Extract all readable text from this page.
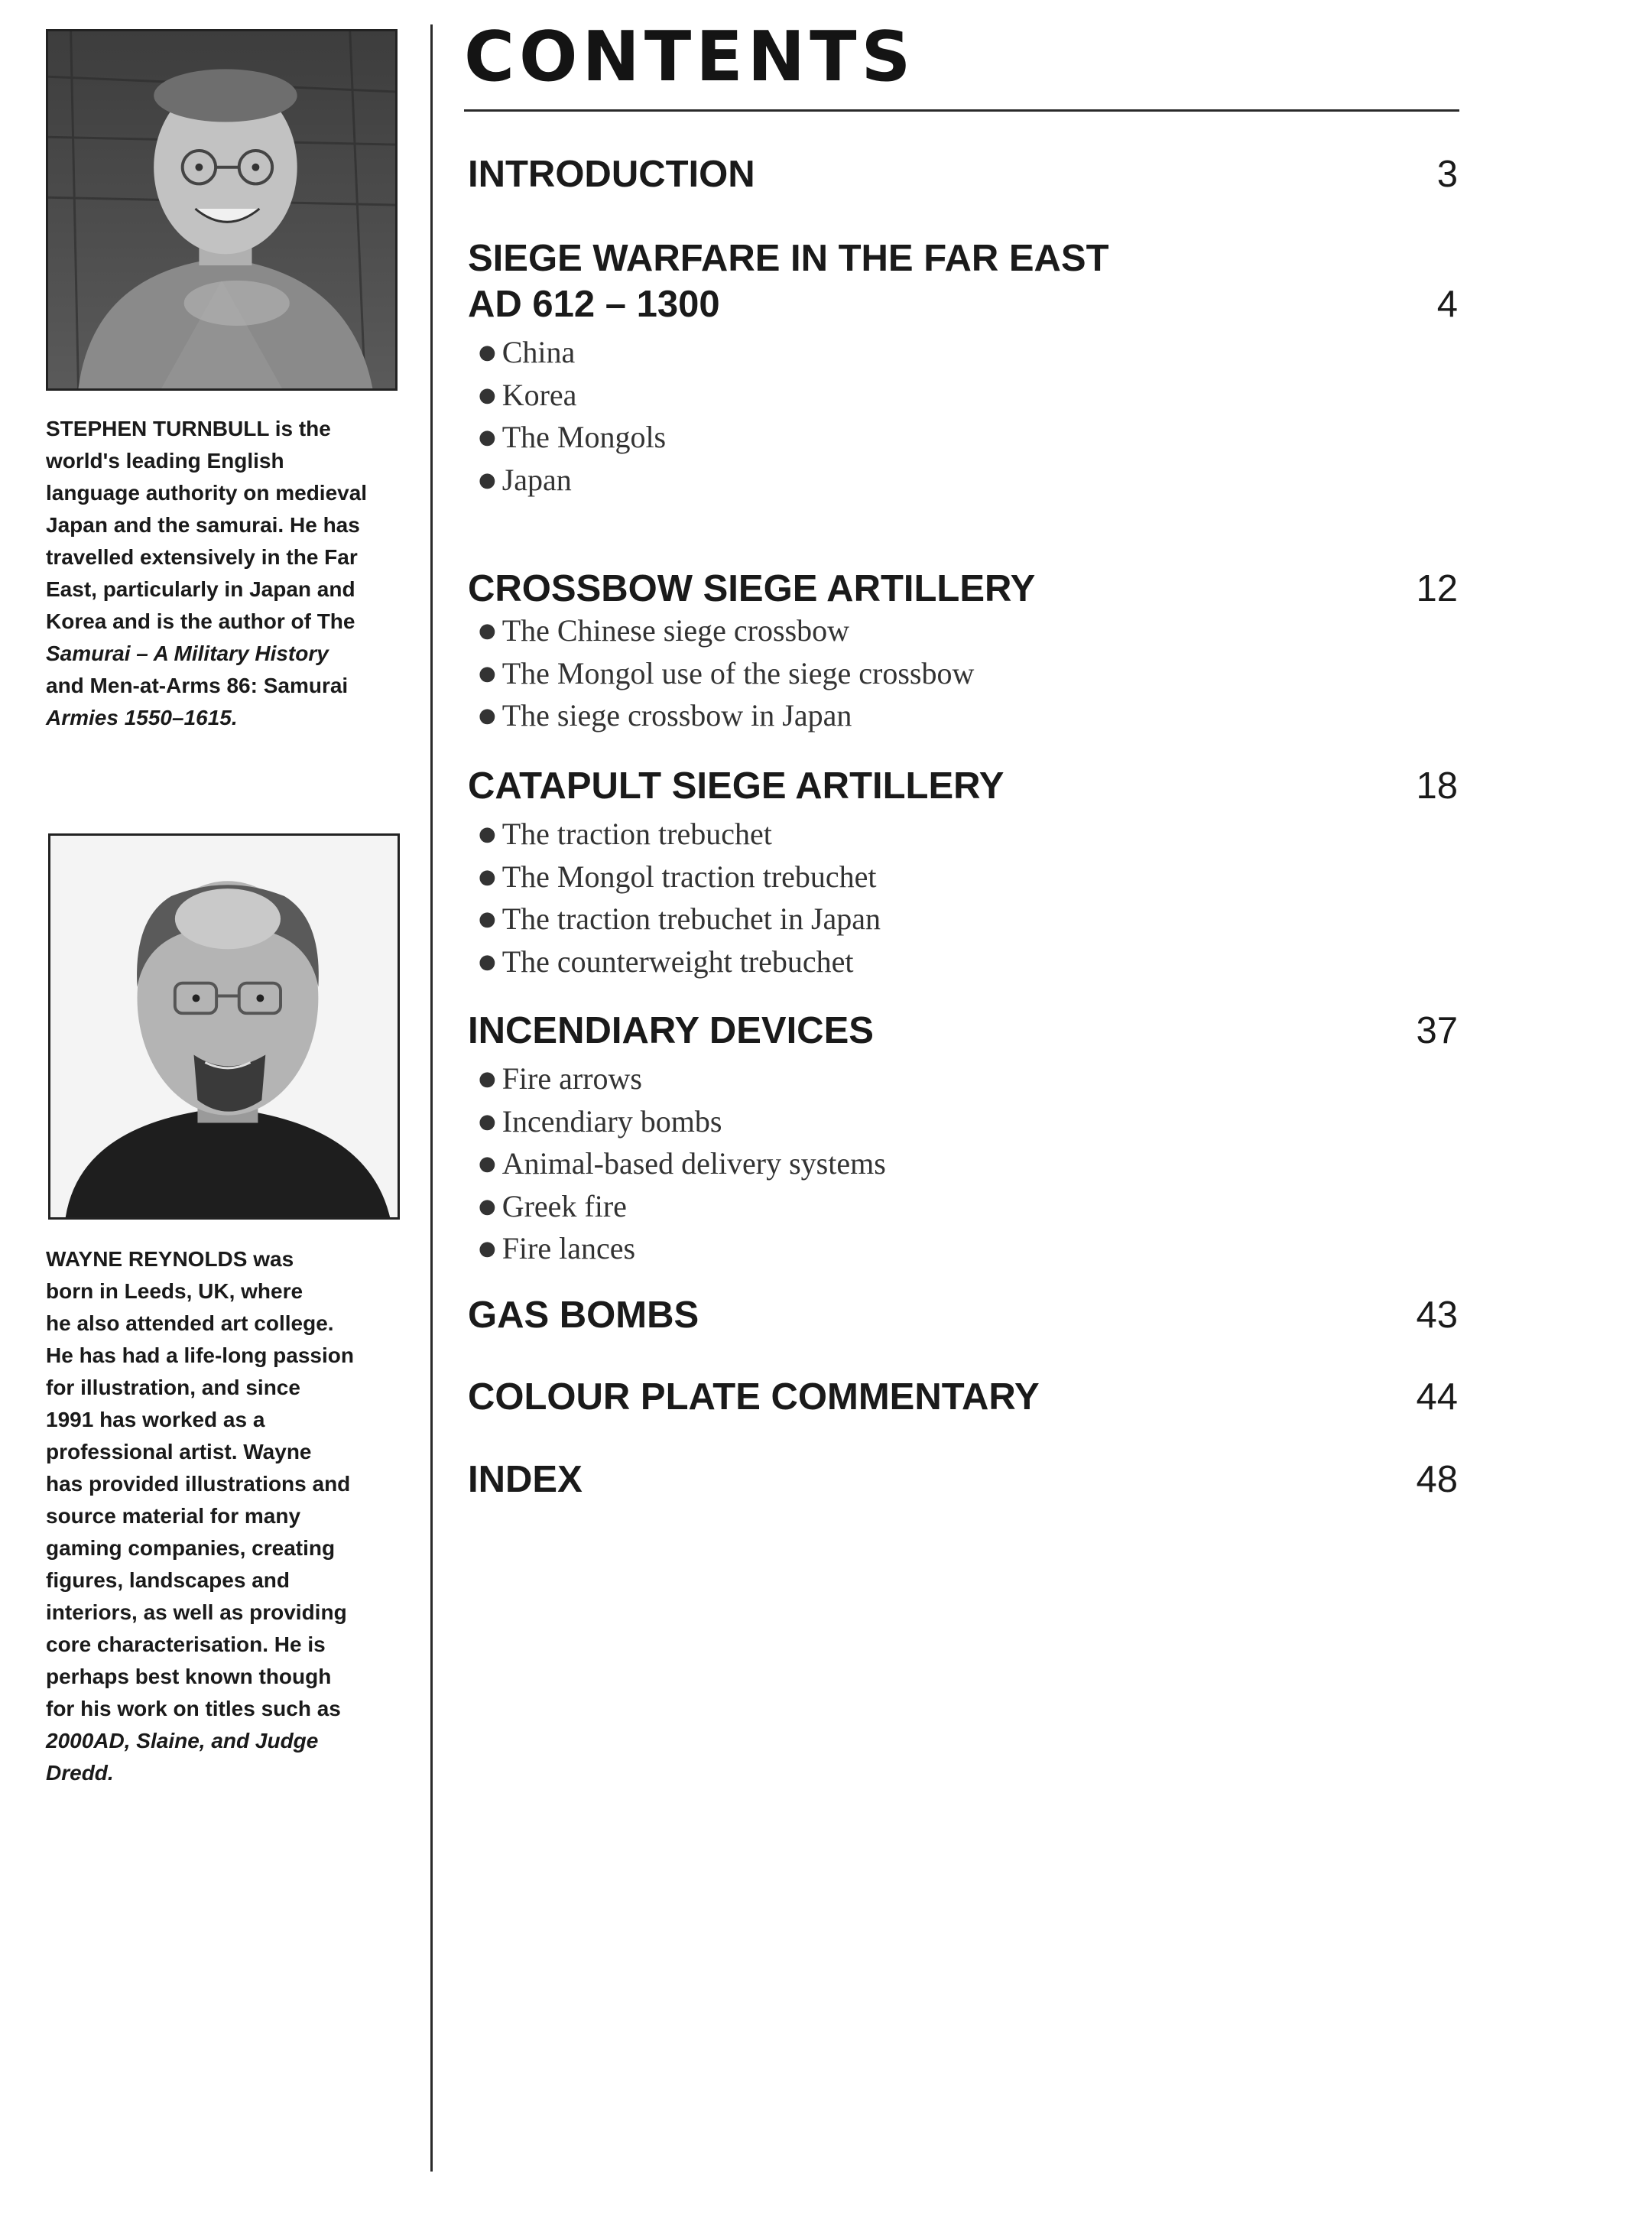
STEPHEN TURNBULL is the
world's leading English
language authority on medieval
Japan and the samurai. He has
travelled extensively in the Far
East, particularly in Japan and
Korea and is the author of The
Samurai – A Military History
and Men-at-Arms 86: Samurai
Armies 1550–1615.
WAYNE REYNOLDS was
born in Leeds, UK, where
he also attended art college.
He has had a life-long passion
for illustration, and since
1991 has worked as a
professional artist. Wayne
has provided illustrations and
source material for many
gaming companies, creating
figures, landscapes and
interiors, as well as providing
core characterisation. He is
perhaps best known though
for his work on titles such as
2000AD, Slaine, and Judge
Dredd.
CONTENTS
INTRODUCTION	3
SIEGE WARFARE IN THE FAR EAST
AD 612 – 1300	4
● China
● Korea
● The Mongols
● Japan
CROSSBOW SIEGE ARTILLERY	12
● The Chinese siege crossbow
● The Mongol use of the siege crossbow
● The siege crossbow in Japan
CATAPULT SIEGE ARTILLERY	18
● The traction trebuchet
● The Mongol traction trebuchet
● The traction trebuchet in Japan
● The counterweight trebuchet
INCENDIARY DEVICES	37
● Fire arrows
● Incendiary bombs
● Animal-based delivery systems
● Greek fire
● Fire lances
GAS BOMBS	43
COLOUR PLATE COMMENTARY	44
INDEX	48
